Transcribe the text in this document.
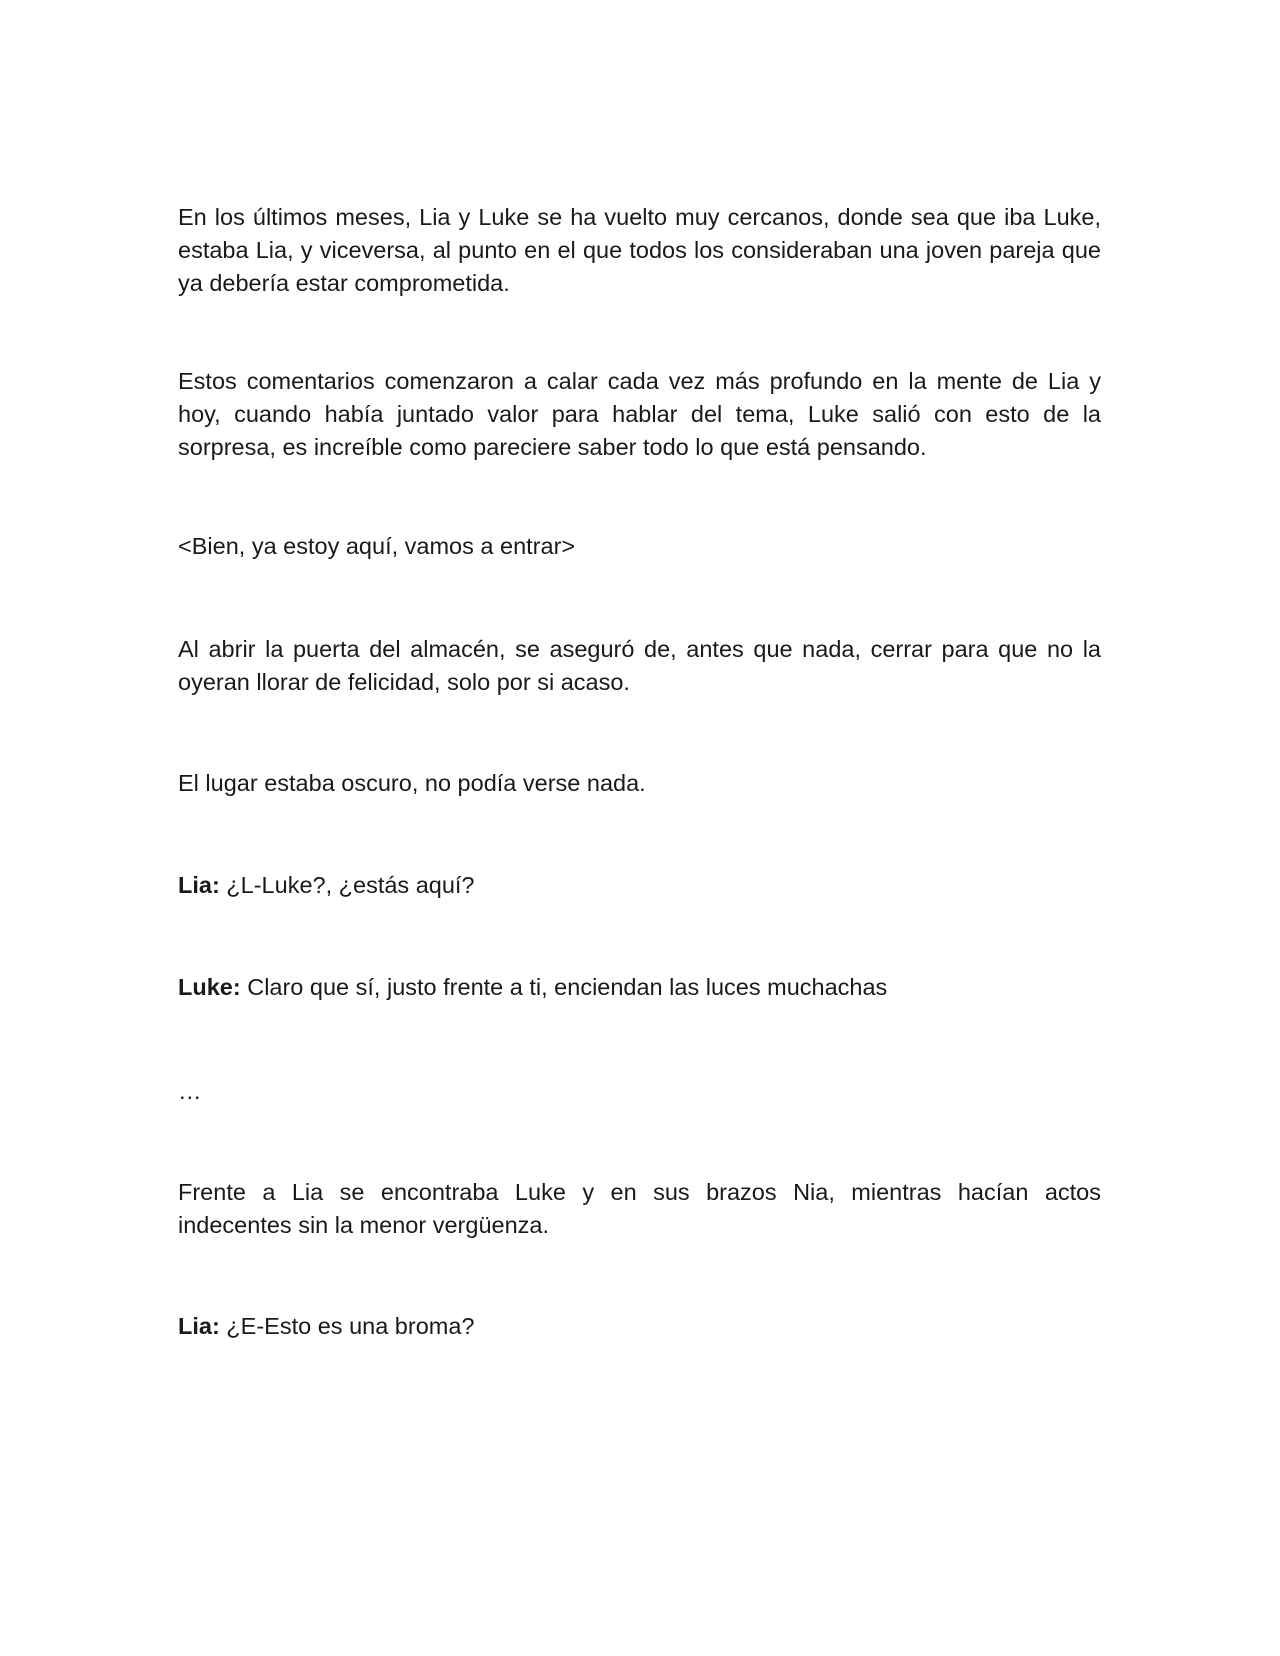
En los últimos meses, Lia y Luke se ha vuelto muy cercanos, donde sea que iba Luke, estaba Lia, y viceversa, al punto en el que todos los consideraban una joven pareja que ya debería estar comprometida.

Estos comentarios comenzaron a calar cada vez más profundo en la mente de Lia y hoy, cuando había juntado valor para hablar del tema, Luke salió con esto de la sorpresa, es increíble como pareciere saber todo lo que está pensando.

<Bien, ya estoy aquí, vamos a entrar>

Al abrir la puerta del almacén, se aseguró de, antes que nada, cerrar para que no la oyeran llorar de felicidad, solo por si acaso.

El lugar estaba oscuro, no podía verse nada.

Lia: ¿L-Luke?, ¿estás aquí?

Luke: Claro que sí, justo frente a ti, enciendan las luces muchachas

…

Frente a Lia se encontraba Luke y en sus brazos Nia, mientras hacían actos
indecentes sin la menor vergüenza.

Lia: ¿E-Esto es una broma?
